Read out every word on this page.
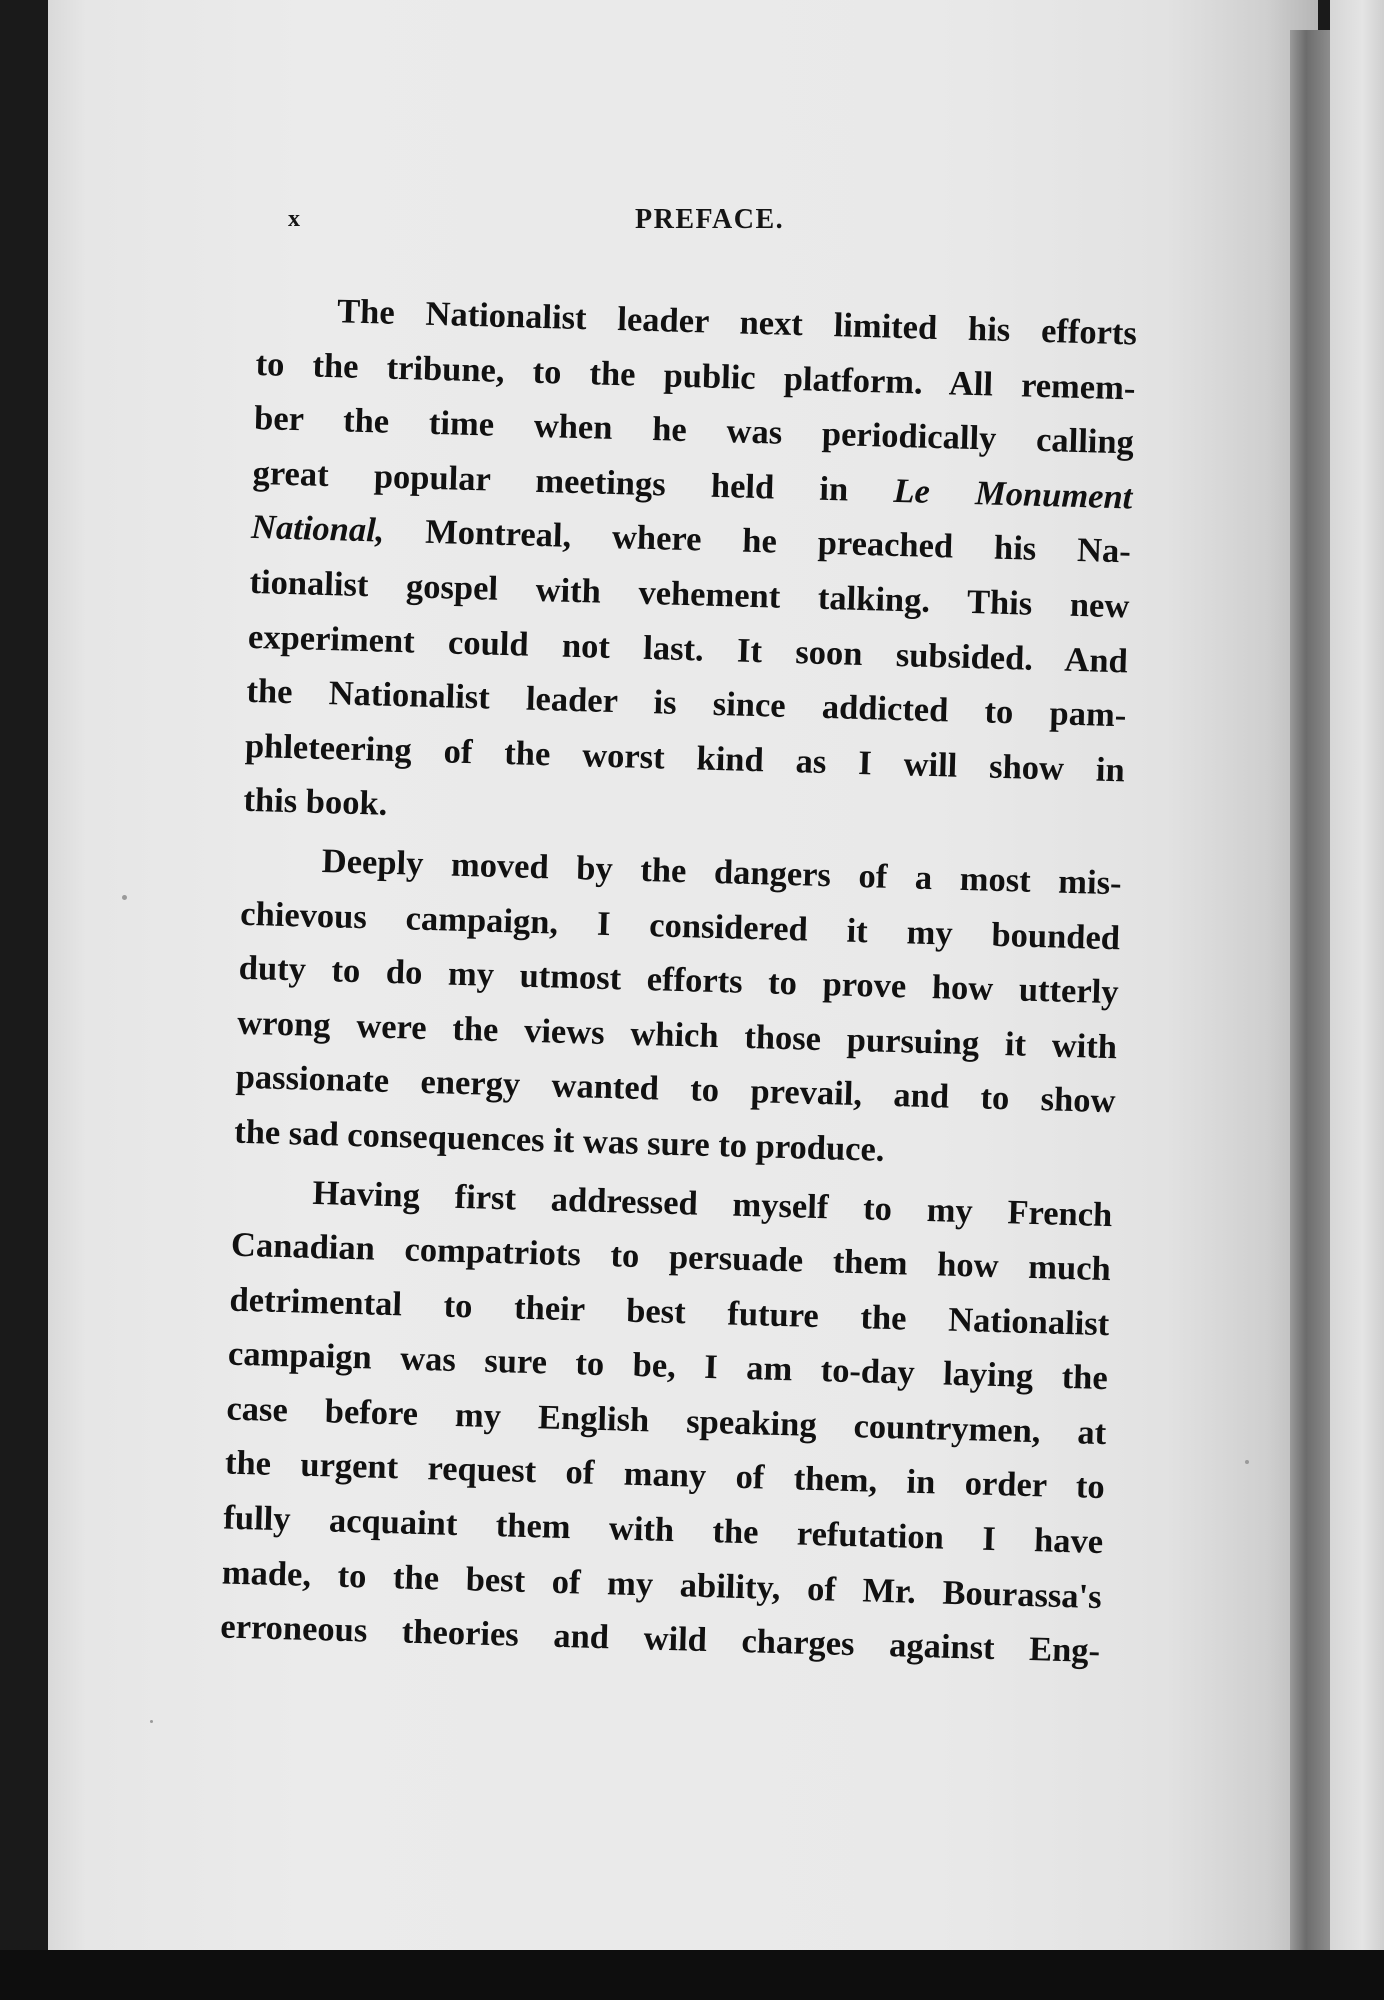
x	PREFACE.
The Nationalist leader next limited his efforts
to the tribune, to the public platform. All remem-
ber the time when he was periodically calling
great popular meetings held in Le Monument
National, Montreal, where he preached his Na-
tionalist gospel with vehement talking. This new
experiment could not last. It soon subsided. And
the Nationalist leader is since addicted to pam-
phleteering of the worst kind as I will show in
this book.
Deeply moved by the dangers of a most mis-
chievous campaign, I considered it my bounded
duty to do my utmost efforts to prove how utterly
wrong were the views which those pursuing it with
passionate energy wanted to prevail, and to show
the sad consequences it was sure to produce.
Having first addressed myself to my French
Canadian compatriots to persuade them how much
detrimental to their best future the Nationalist
campaign was sure to be, I am to-day laying the
case before my English speaking countrymen, at
the urgent request of many of them, in order to
fully acquaint them with the refutation I have
made, to the best of my ability, of Mr. Bourassa's
erroneous theories and wild charges against Eng-
